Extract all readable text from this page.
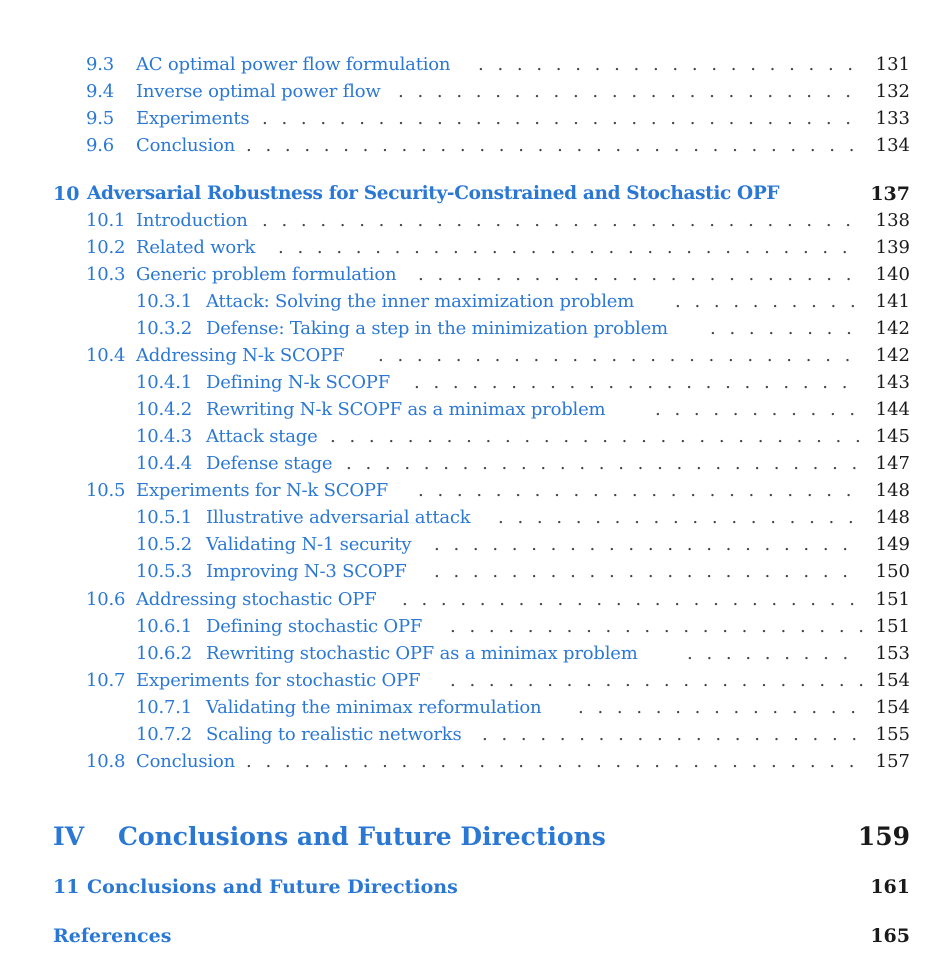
9.3 AC optimal power flow formulation . . .	131
9.4 Inverse optimal power flow . . .	132
9.5 Experiments . . .	133
9.6 Conclusion . . .	134
10 Adversarial Robustness for Security-Constrained and Stochastic OPF	137
10.1 Introduction . . .	138
10.2 Related work . . .	139
10.3 Generic problem formulation . . .	140
10.3.1 Attack: Solving the inner maximization problem . . .	141
10.3.2 Defense: Taking a step in the minimization problem . . .	142
10.4 Addressing N-k SCOPF . . .	142
10.4.1 Defining N-k SCOPF . . .	143
10.4.2 Rewriting N-k SCOPF as a minimax problem . . .	144
10.4.3 Attack stage . . .	145
10.4.4 Defense stage . . .	147
10.5 Experiments for N-k SCOPF . . .	148
10.5.1 Illustrative adversarial attack . . .	148
10.5.2 Validating N-1 security . . .	149
10.5.3 Improving N-3 SCOPF . . .	150
10.6 Addressing stochastic OPF . . .	151
10.6.1 Defining stochastic OPF . . .	151
10.6.2 Rewriting stochastic OPF as a minimax problem . . .	153
10.7 Experiments for stochastic OPF . . .	154
10.7.1 Validating the minimax reformulation . . .	154
10.7.2 Scaling to realistic networks . . .	155
10.8 Conclusion . . .	157
IV Conclusions and Future Directions	159
11 Conclusions and Future Directions	161
References	165
